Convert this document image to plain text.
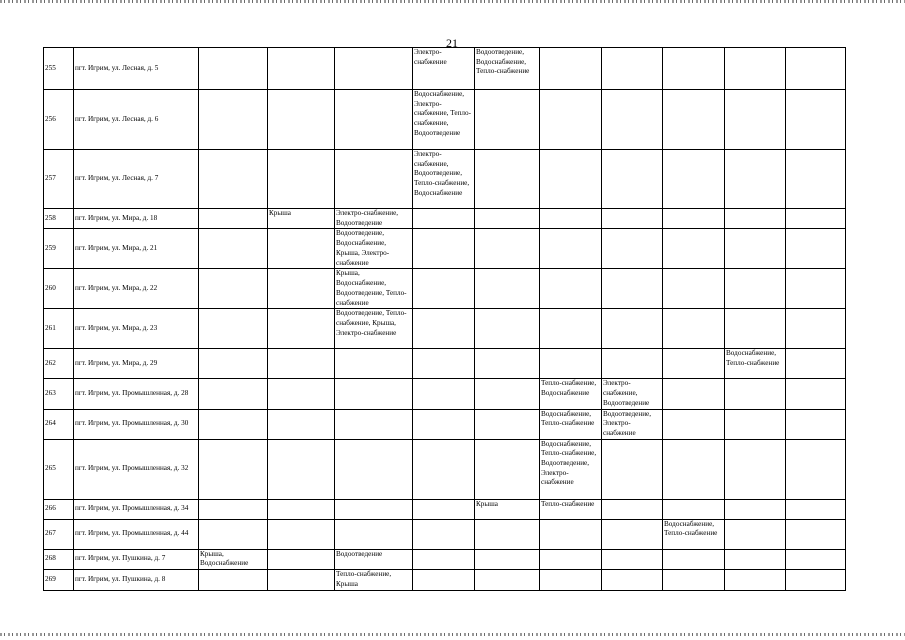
21
255	пгт. Игрим, ул. Лесная, д. 5				Электро-снабжение	Водоотведение, Водоснабжение, Тепло-снабжение					
256	пгт. Игрим, ул. Лесная, д. 6				Водоснабжение, Электро-снабжение, Тепло-снабжение, Водоотведение						
257	пгт. Игрим, ул. Лесная, д. 7				Электро-снабжение, Водоотведение, Тепло-снабжение, Водоснабжение						
258	пгт. Игрим, ул. Мира, д. 18		Крыша	Электро-снабжение, Водоотведение							
259	пгт. Игрим, ул. Мира, д. 21			Водоотведение, Водоснабжение, Крыша, Электро-снабжение							
260	пгт. Игрим, ул. Мира, д. 22			Крыша, Водоснабжение, Водоотведение, Тепло-снабжение							
261	пгт. Игрим, ул. Мира, д. 23			Водоотведение, Тепло-снабжение, Крыша, Электро-снабжение							
262	пгт. Игрим, ул. Мира, д. 29									Водоснабжение, Тепло-снабжение	
263	пгт. Игрим, ул. Промышленная, д. 28						Тепло-снабжение, Водоснабжение	Электро-снабжение, Водоотведение			
264	пгт. Игрим, ул. Промышленная, д. 30						Водоснабжение, Тепло-снабжение	Водоотведение, Электро-снабжение			
265	пгт. Игрим, ул. Промышленная, д. 32						Водоснабжение, Тепло-снабжение, Водоотведение, Электро-снабжение				
266	пгт. Игрим, ул. Промышленная, д. 34					Крыша	Тепло-снабжение				
267	пгт. Игрим, ул. Промышленная, д. 44								Водоснабжение, Тепло-снабжение		
268	пгт. Игрим, ул. Пушкина, д. 7	Крыша, Водоснабжение		Водоотведение							
269	пгт. Игрим, ул. Пушкина, д. 8			Тепло-снабжение, Крыша							
